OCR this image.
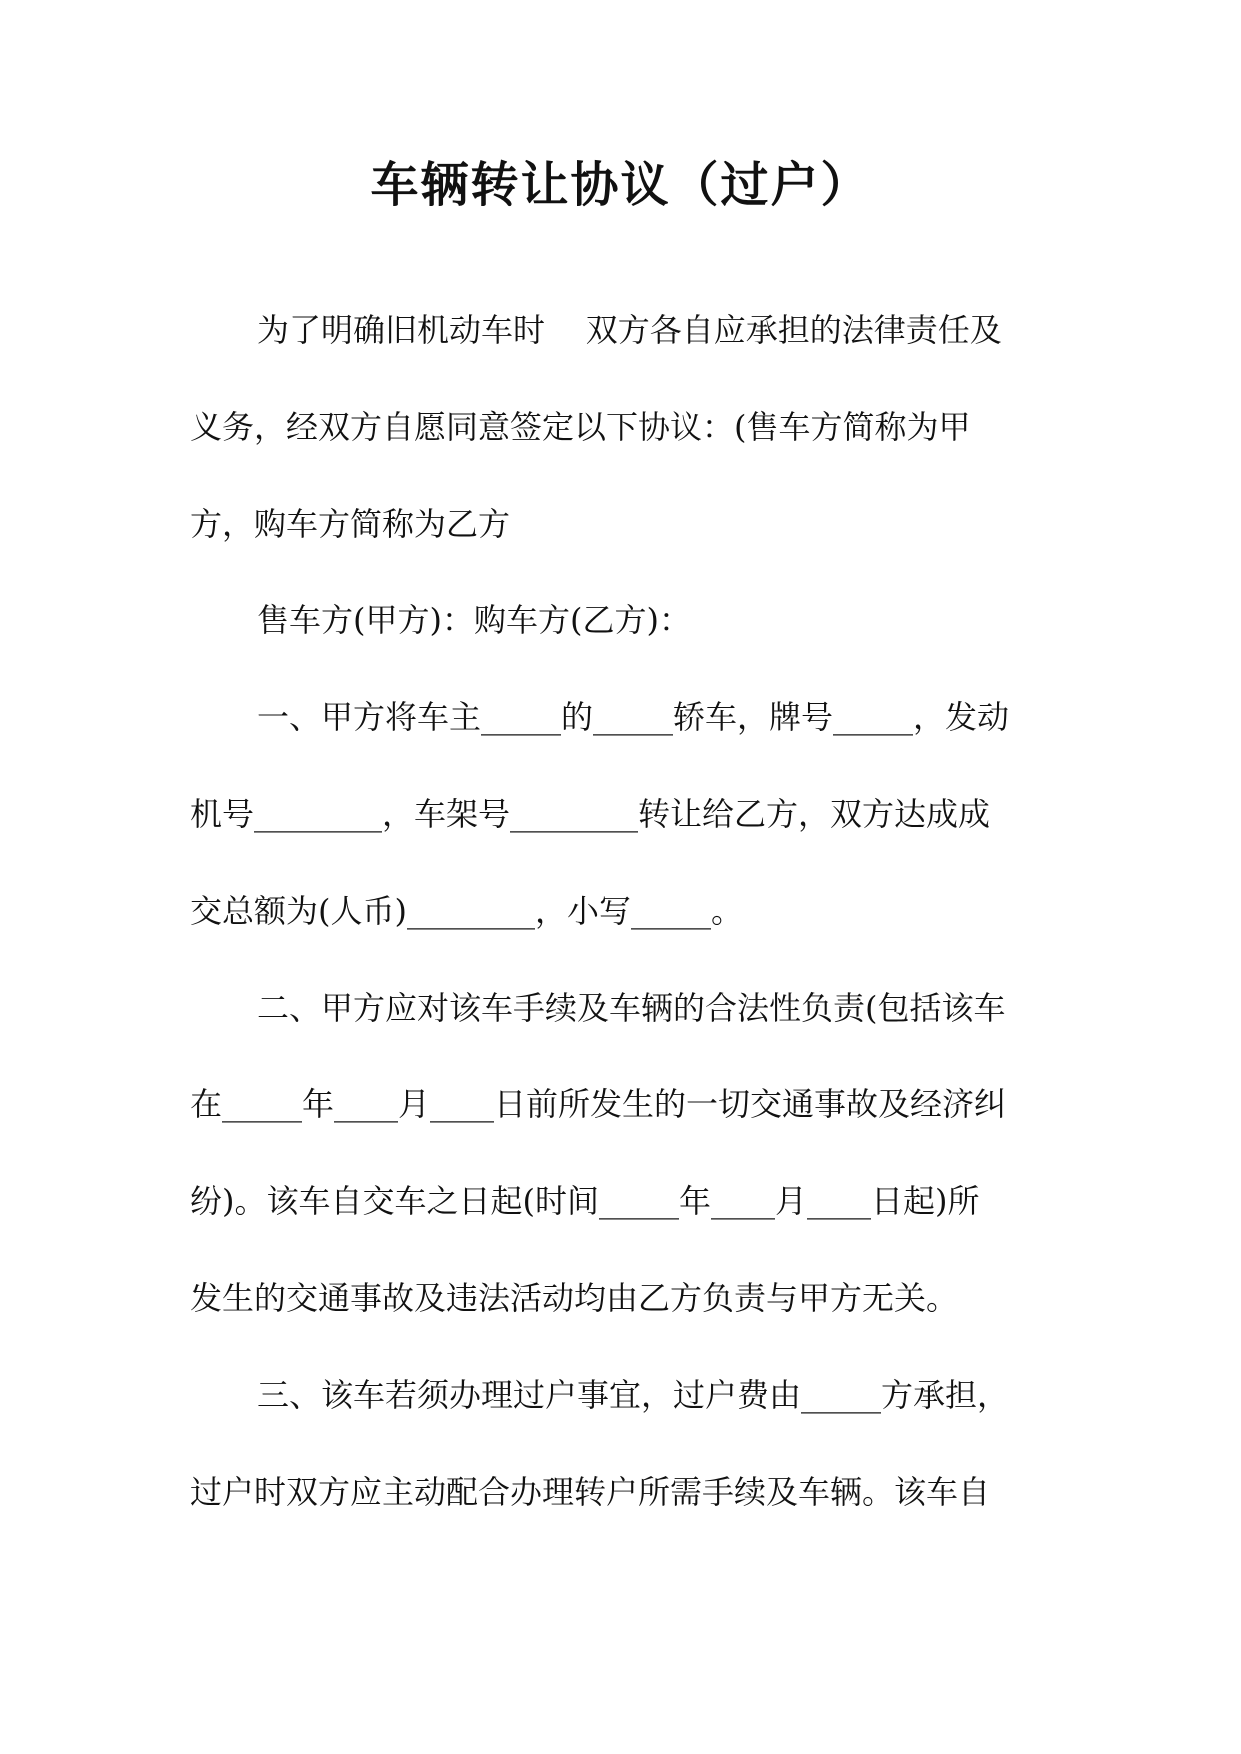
车辆转让协议（过户）
为了明确旧机动车时    双方各自应承担的法律责任及
义务，经双方自愿同意签定以下协议：(售车方简称为甲
方，购车方简称为乙方
售车方(甲方)：购车方(乙方)：
一、甲方将车主_____的_____轿车，牌号_____，发动
机号________，车架号________转让给乙方，双方达成成
交总额为(人币)________，小写_____。
二、甲方应对该车手续及车辆的合法性负责(包括该车
在_____年____月____日前所发生的一切交通事故及经济纠
纷)。该车自交车之日起(时间_____年____月____日起)所
发生的交通事故及违法活动均由乙方负责与甲方无关。
三、该车若须办理过户事宜，过户费由_____方承担，
过户时双方应主动配合办理转户所需手续及车辆。该车自
